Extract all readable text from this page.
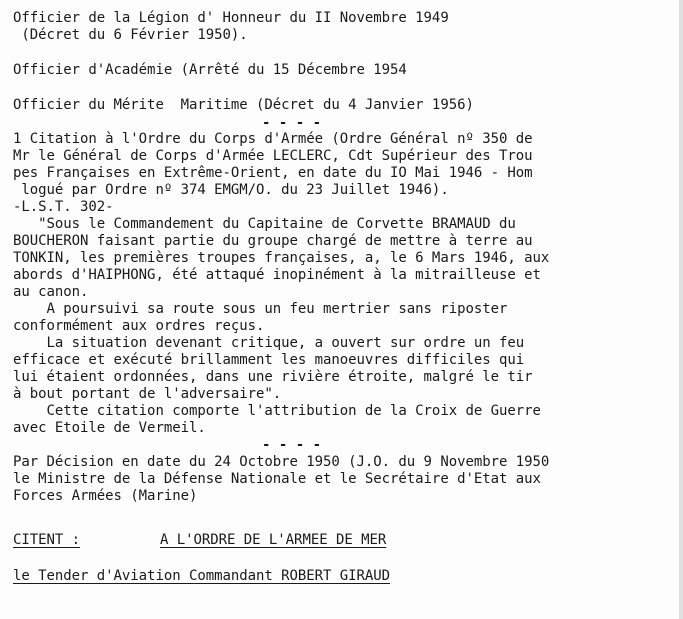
Officier de la Légion d' Honneur du II Novembre 1949
(Décret du 6 Février 1950).
Officier d'Académie (Arrêté du 15 Décembre 1954
Officier du Mérite  Maritime (Décret du 4 Janvier 1956)
- - - -
1 Citation à l'Ordre du Corps d'Armée (Ordre Général nº 350 de
Mr le Général de Corps d'Armée LECLERC, Cdt Supérieur des Trou
pes Françaises en Extrême-Orient, en date du IO Mai 1946 - Hom
logué par Ordre nº 374 EMGM/O. du 23 Juillet 1946).
-L.S.T. 302-
"Sous le Commandement du Capitaine de Corvette BRAMAUD du
BOUCHERON faisant partie du groupe chargé de mettre à terre au
TONKIN, les premières troupes françaises, a, le 6 Mars 1946, aux
abords d'HAIPHONG, été attaqué inopinément à la mitrailleuse et
au canon.
A poursuivi sa route sous un feu mertrier sans riposter
conformément aux ordres reçus.
La situation devenant critique, a ouvert sur ordre un feu
efficace et exécuté brillamment les manoeuvres difficiles qui
lui étaient ordonnées, dans une rivière étroite, malgré le tir
à bout portant de l'adversaire".
Cette citation comporte l'attribution de la Croix de Guerre
avec Etoile de Vermeil.
- - - -
Par Décision en date du 24 Octobre 1950 (J.O. du 9 Novembre 1950
le Ministre de la Défense Nationale et le Secrétaire d'Etat aux
Forces Armées (Marine)
CITENT :	A L'ORDRE DE L'ARMEE DE MER
le Tender d'Aviation Commandant ROBERT GIRAUD
